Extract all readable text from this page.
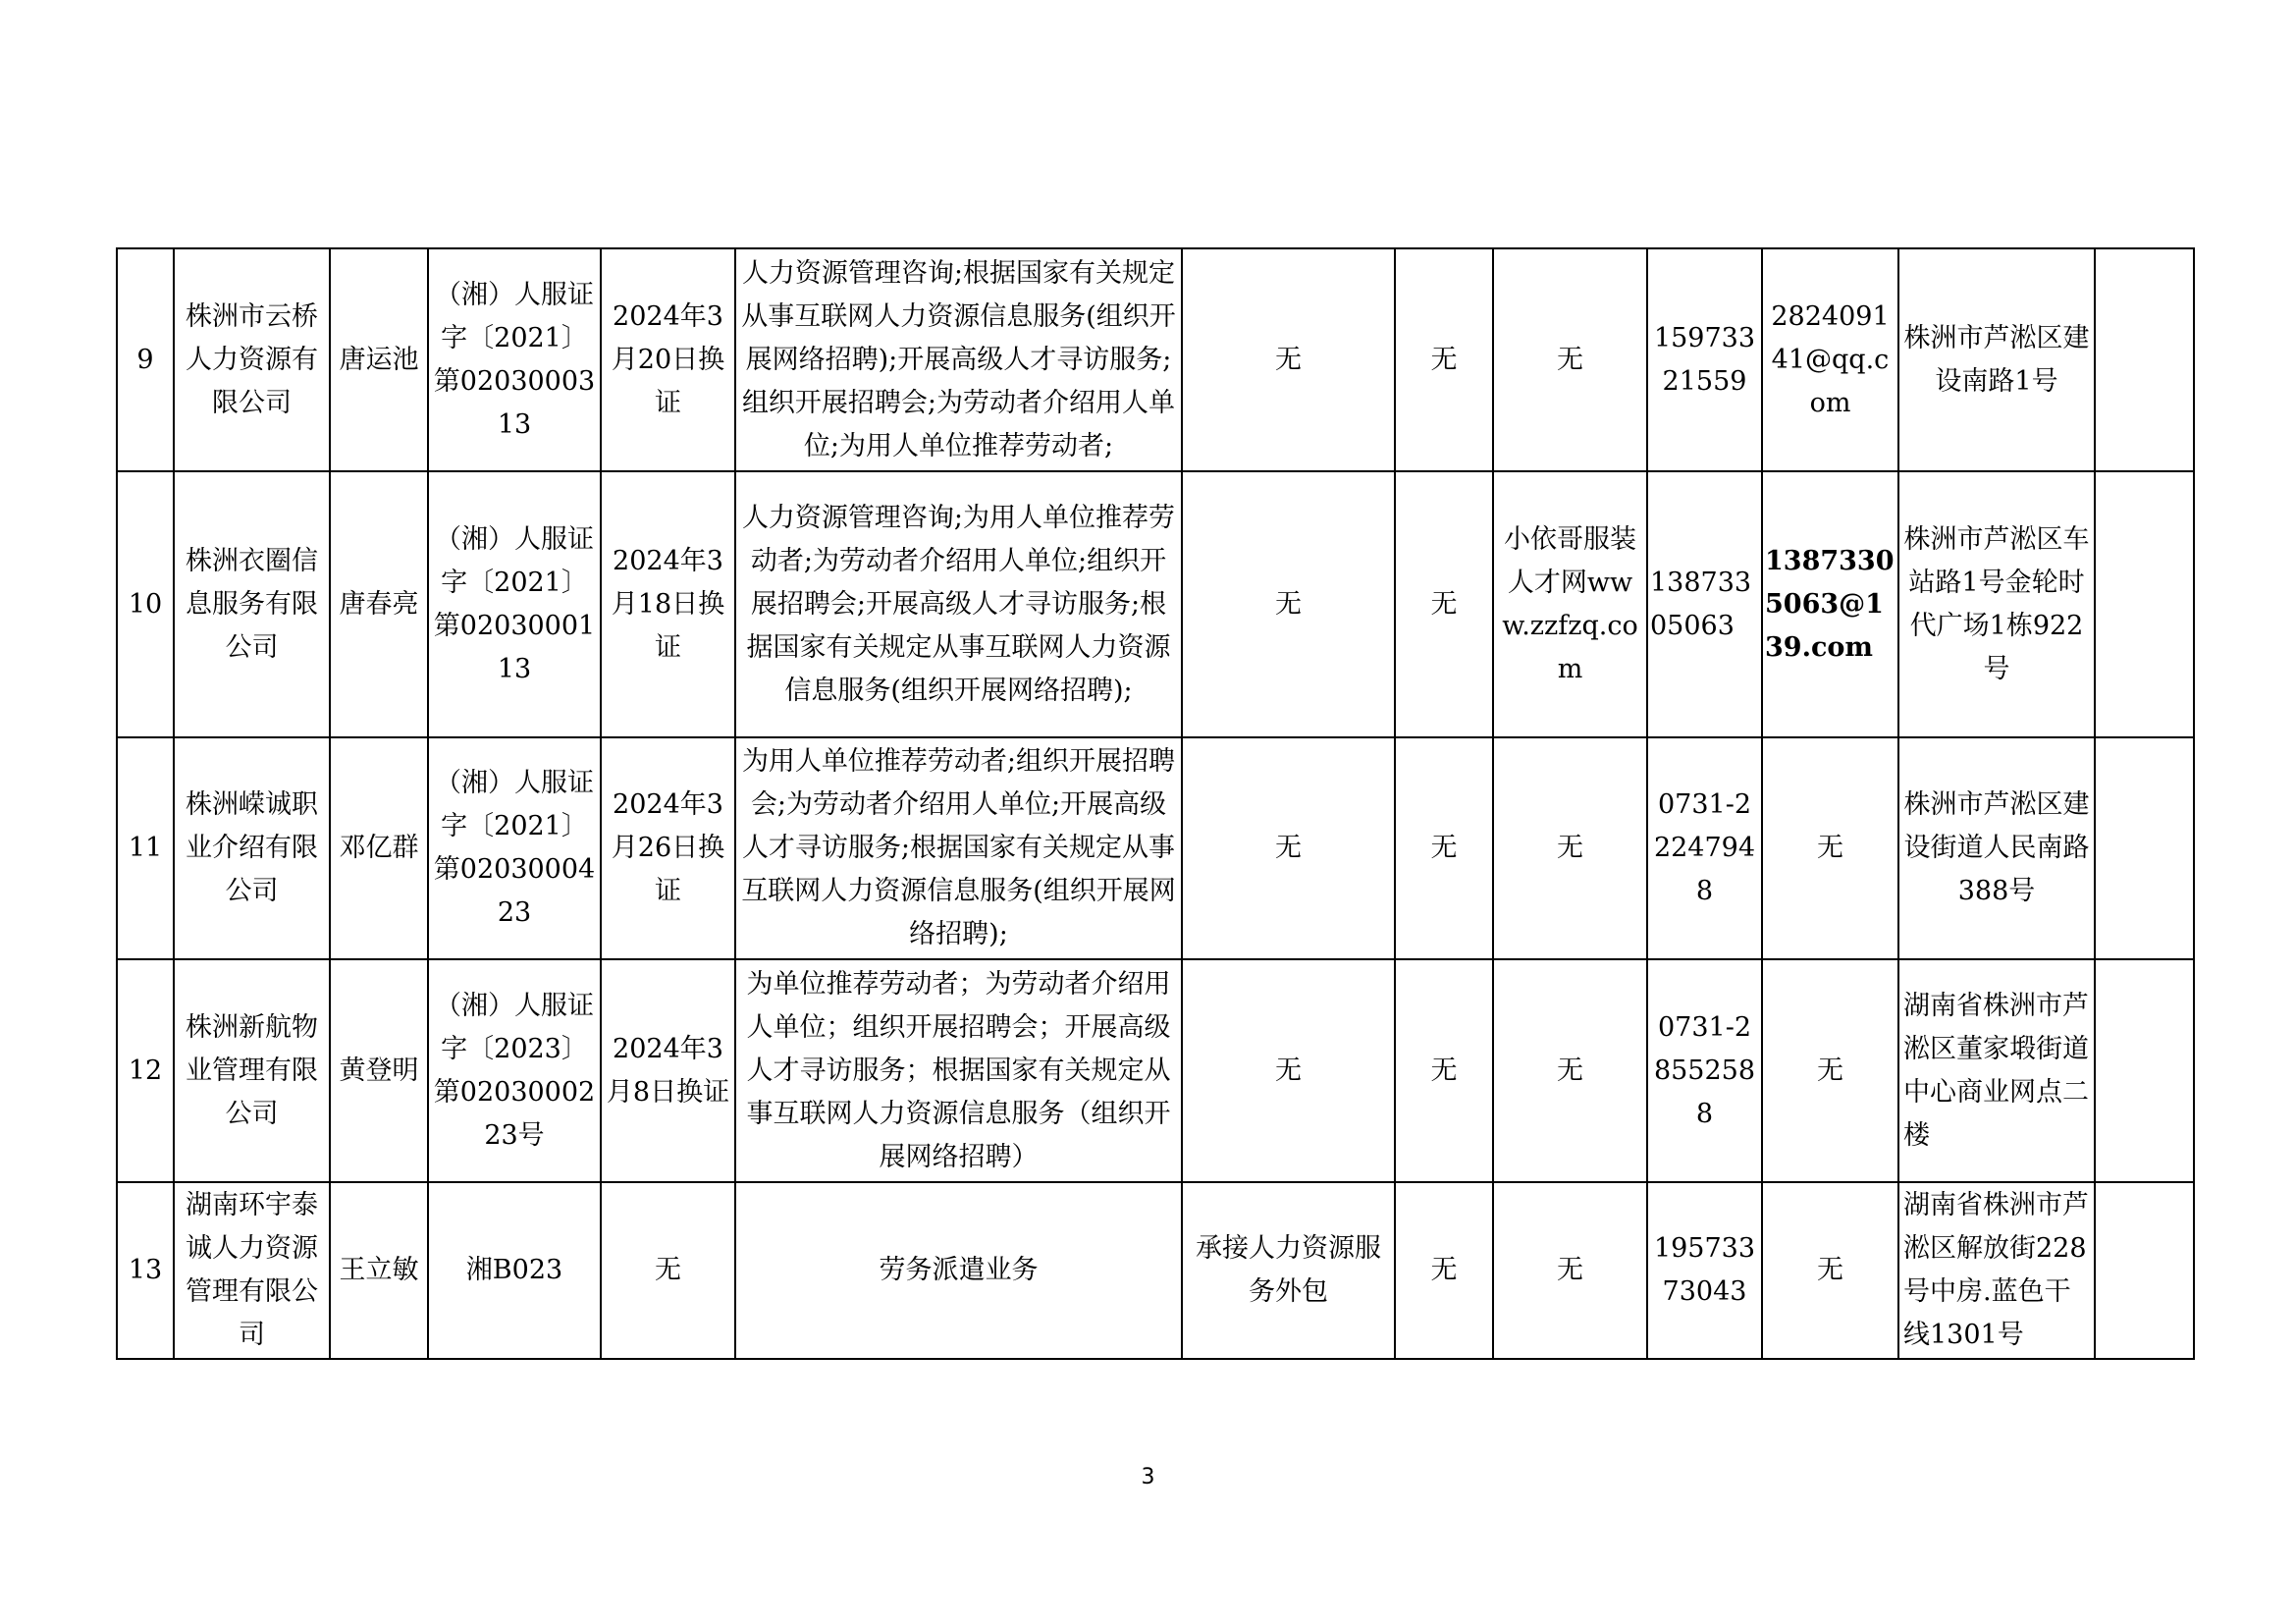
9	株洲市云桥人力资源有限公司	唐运池	（湘）人服证字〔2021〕第0203000313	2024年3月20日换证	人力资源管理咨询;根据国家有关规定从事互联网人力资源信息服务(组织开展网络招聘);开展高级人才寻访服务;组织开展招聘会;为劳动者介绍用人单位;为用人单位推荐劳动者;	无	无	无	15973321559	282409141@qq.com	株洲市芦淞区建设南路1号	
10	株洲衣圈信息服务有限公司	唐春亮	（湘）人服证字〔2021〕第0203000113	2024年3月18日换证	人力资源管理咨询;为用人单位推荐劳动者;为劳动者介绍用人单位;组织开展招聘会;开展高级人才寻访服务;根据国家有关规定从事互联网人力资源信息服务(组织开展网络招聘);	无	无	小依哥服装人才网www.zzfzq.com	13873305063	13873305063@139.com	株洲市芦淞区车站路1号金轮时代广场1栋922号	
11	株洲嵘诚职业介绍有限公司	邓亿群	（湘）人服证字〔2021〕第0203000423	2024年3月26日换证	为用人单位推荐劳动者;组织开展招聘会;为劳动者介绍用人单位;开展高级人才寻访服务;根据国家有关规定从事互联网人力资源信息服务(组织开展网络招聘);	无	无	无	0731-22247948	无	株洲市芦淞区建设街道人民南路388号	
12	株洲新航物业管理有限公司	黄登明	（湘）人服证字〔2023〕第0203000223号	2024年3月8日换证	为单位推荐劳动者；为劳动者介绍用人单位；组织开展招聘会；开展高级人才寻访服务；根据国家有关规定从事互联网人力资源信息服务（组织开展网络招聘）	无	无	无	0731-28552588	无	湖南省株洲市芦淞区董家塅街道中心商业网点二楼	
13	湖南环宇泰诚人力资源管理有限公司	王立敏	湘B023	无	劳务派遣业务	承接人力资源服务外包	无	无	19573373043	无	湖南省株洲市芦淞区解放街228号中房.蓝色干线1301号	
3
